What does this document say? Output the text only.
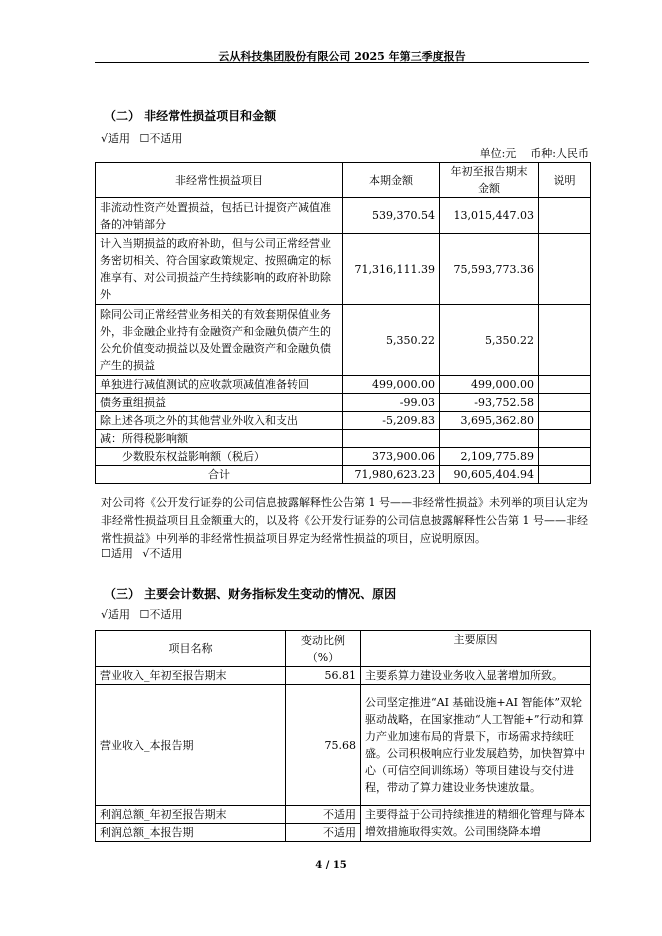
云从科技集团股份有限公司 2025 年第三季度报告
（二） 非经常性损益项目和金额
√适用 ☐不适用
单位:元    币种:人民币
非经常性损益项目	本期金额	年初至报告期末金额	说明
非流动性资产处置损益，包括已计提资产减值准备的冲销部分	539,370.54	13,015,447.03	
计入当期损益的政府补助，但与公司正常经营业务密切相关、符合国家政策规定、按照确定的标准享有、对公司损益产生持续影响的政府补助除外	71,316,111.39	75,593,773.36	
除同公司正常经营业务相关的有效套期保值业务外，非金融企业持有金融资产和金融负债产生的公允价值变动损益以及处置金融资产和金融负债产生的损益	5,350.22	5,350.22	
单独进行减值测试的应收款项减值准备转回	499,000.00	499,000.00	
债务重组损益	-99.03	-93,752.58	
除上述各项之外的其他营业外收入和支出	-5,209.83	3,695,362.80	
减：所得税影响额			
少数股东权益影响额（税后）	373,900.06	2,109,775.89	
合计	71,980,623.23	90,605,404.94	
对公司将《公开发行证券的公司信息披露解释性公告第 1 号——非经常性损益》未列举的项目认定为非经常性损益项目且金额重大的，以及将《公开发行证券的公司信息披露解释性公告第 1 号——非经常性损益》中列举的非经常性损益项目界定为经常性损益的项目，应说明原因。
☐适用 √不适用
（三） 主要会计数据、财务指标发生变动的情况、原因
√适用 ☐不适用
项目名称	变动比例（%）	主要原因
营业收入_年初至报告期末	56.81	主要系算力建设业务收入显著增加所致。
营业收入_本报告期	75.68	公司坚定推进“AI 基础设施+AI 智能体”双轮驱动战略，在国家推动“人工智能+”行动和算力产业加速布局的背景下，市场需求持续旺盛。公司积极响应行业发展趋势，加快智算中心（可信空间训练场）等项目建设与交付进程，带动了算力建设业务快速放量。
利润总额_年初至报告期末	不适用	主要得益于公司持续推进的精细化管理与降本增效措施取得实效。公司围绕降本增
利润总额_本报告期	不适用	
4 / 15
